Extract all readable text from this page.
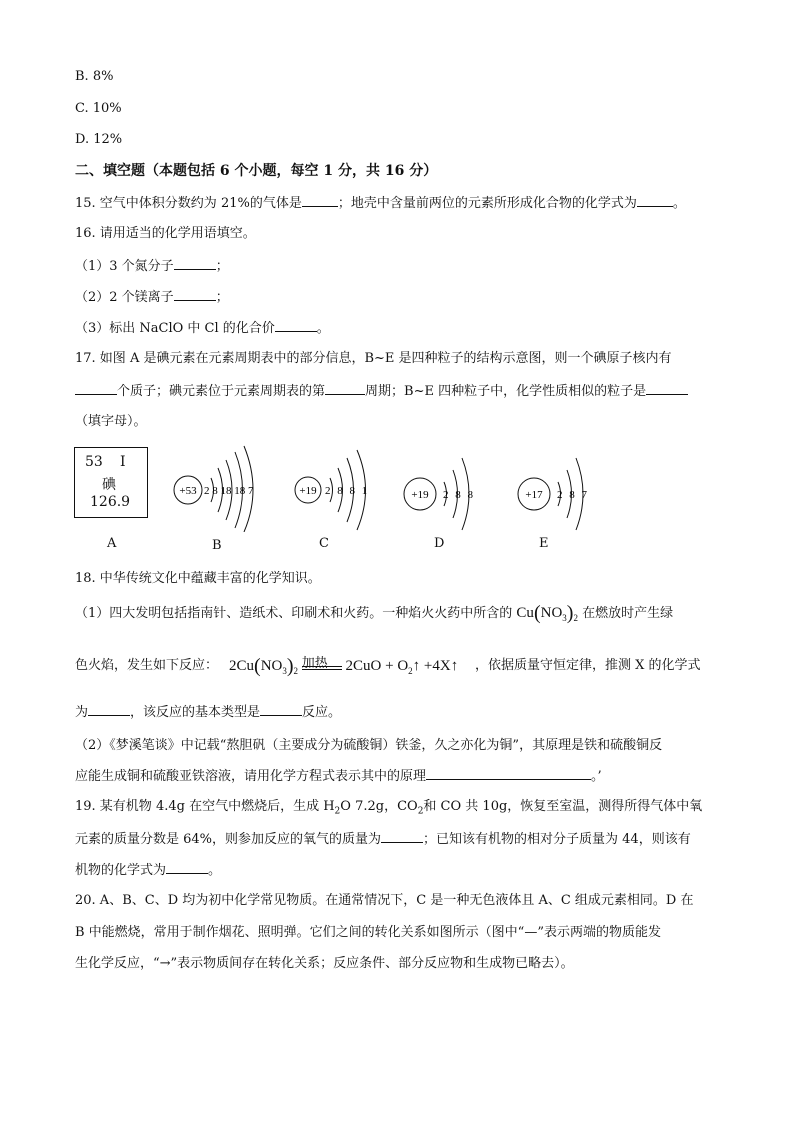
B. 8%
C. 10%
D. 12%
二、填空题（本题包括 6 个小题，每空 1 分，共 16 分）
15. 空气中体积分数约为 21%的气体是	；地壳中含量前两位的元素所形成化合物的化学式为	。
16. 请用适当的化学用语填空。
（1）3 个氮分子	；
（2）2 个镁离子	；
（3）标出 NaClO 中 Cl 的化合价	。
17. 如图 A 是碘元素在元素周期表中的部分信息，B~E 是四种粒子的结构示意图，则一个碘原子核内有
个质子；碘元素位于元素周期表的第	周期；B~E 四种粒子中，化学性质相似的粒子是
（填字母）。
53 I
碘
126.9
A
+53 2 8 18 18 7
B
+19 2 8 8 1
C
+19 2 8 8
D
+17 2 8 7
E
18. 中华传统文化中蕴藏丰富的化学知识。
（1）四大发明包括指南针、造纸术、印刷术和火药。一种焰火火药中所含的 $Cu(NO_3)_2$ 在燃放时产生绿
色火焰，发生如下反应： $2Cu(NO_3)_2$ 加热 $2CuO + O_2↑$ +4X↑ ，依据质量守恒定律，推测 X 的化学式
为	，该反应的基本类型是	反应。
（2）《梦溪笔谈》中记载“熬胆矾（主要成分为硫酸铜）铁釜，久之亦化为铜”，其原理是铁和硫酸铜反
应能生成铜和硫酸亚铁溶液，请用化学方程式表示其中的原理	。’
19. 某有机物 4.4g 在空气中燃烧后，生成 $H_2O$ 7.2g，$CO_2$和 CO 共 10g，恢复至室温，测得所得气体中氧
元素的质量分数是 64%，则参加反应的氧气的质量为	；已知该有机物的相对分子质量为 44，则该有
机物的化学式为	。
20. A、B、C、D 均为初中化学常见物质。在通常情况下，C 是一种无色液体且 A、C 组成元素相同。D 在
B 中能燃烧，常用于制作烟花、照明弹。它们之间的转化关系如图所示（图中“—”表示两端的物质能发
生化学反应，“→”表示物质间存在转化关系；反应条件、部分反应物和生成物已略去）。
